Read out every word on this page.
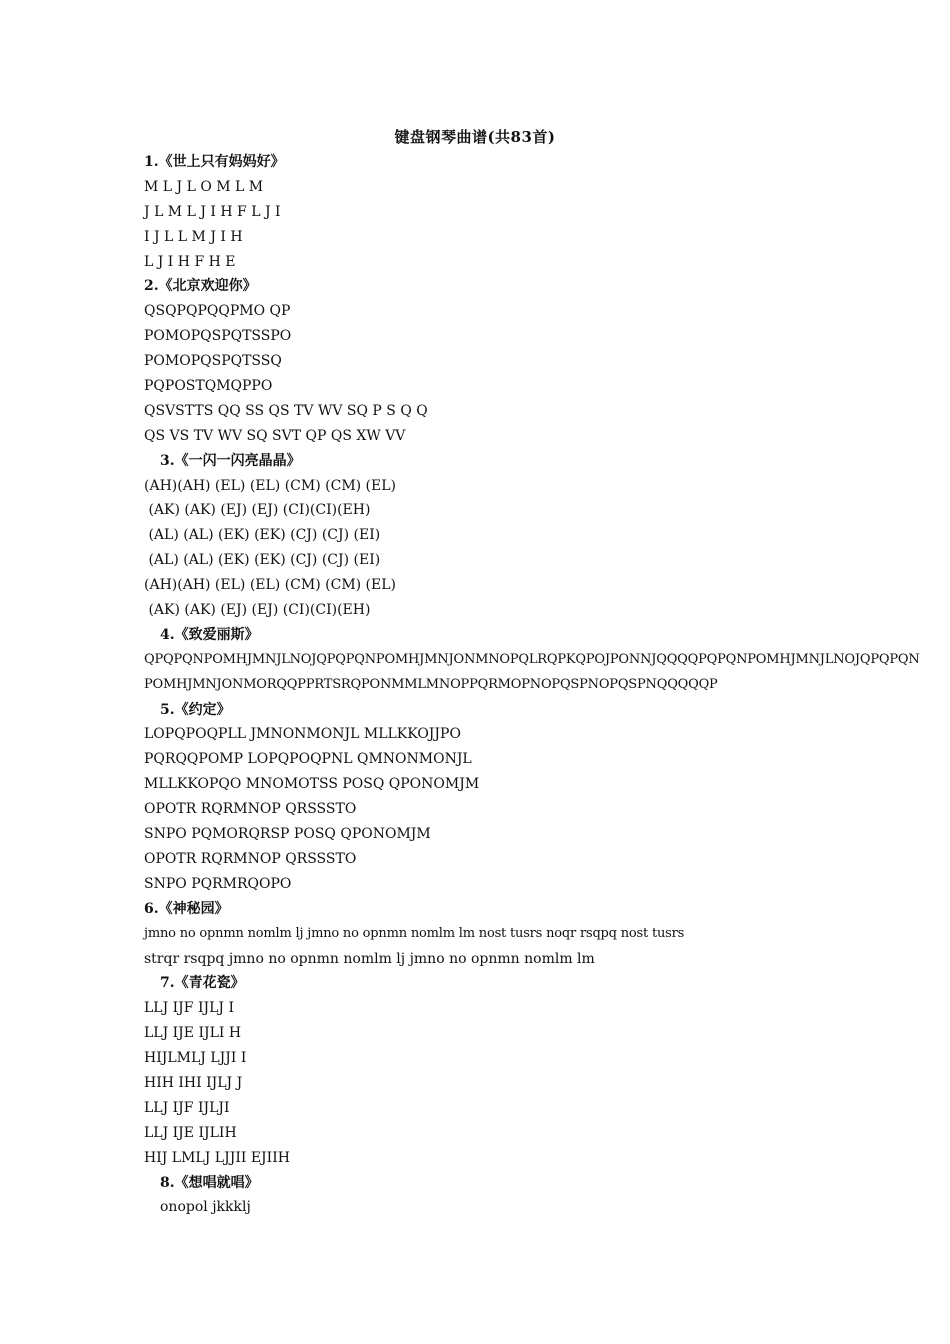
键盘钢琴曲谱(共83首)
1.《世上只有妈妈好》
M L J L O M L M
J L M L J I H F L J I
I J L L M J I H
L J I H F H E
2.《北京欢迎你》
QSQPQPQQPMO QP
POMOPQSPQTSSPO
POMOPQSPQTSSQ
PQPOSTQMQPPO
QSVSTTS QQ SS QS TV WV SQ P S Q Q
QS VS TV WV SQ SVT QP QS XW VV
3.《一闪一闪亮晶晶》
(AH)(AH) (EL) (EL) (CM) (CM) (EL)
(AK) (AK) (EJ) (EJ) (CI)(CI)(EH)
(AL) (AL) (EK) (EK) (CJ) (CJ) (EI)
(AL) (AL) (EK) (EK) (CJ) (CJ) (EI)
(AH)(AH) (EL) (EL) (CM) (CM) (EL)
(AK) (AK) (EJ) (EJ) (CI)(CI)(EH)
4.《致爱丽斯》
QPQPQNPOMHJMNJLNOJQPQPQNPOMHJMNJONMNOPQLRQPKQPOJPONNJQQQQPQPQNPOMHJMNJLNOJQPQPQN
POMHJMNJONMORQQPPRTSRQPONMMLMNOPPQRMOPNOPQSPNOPQSPNQQQQQP
5.《约定》
LOPQPOQPLL JMNONMONJL MLLKKOJJPO
PQRQQPOMP LOPQPOQPNL QMNONMONJL
MLLKKOPQO MNOMOTSS POSQ QPONOMJM
OPOTR RQRMNOP QRSSSTO
SNPO PQMORQRSP POSQ QPONOMJM
OPOTR RQRMNOP QRSSSTO
SNPO PQRMRQOPO
6.《神秘园》
jmno no opnmn nomlm lj jmno no opnmn nomlm lm nost tusrs noqr rsqpq nost tusrs
strqr rsqpq jmno no opnmn nomlm lj jmno no opnmn nomlm lm
7.《青花瓷》
LLJ IJF IJLJ I
LLJ IJE IJLI H
HIJLMLJ LJJI I
HIH IHI IJLJ J
LLJ IJF IJLJI
LLJ IJE IJLIH
HIJ LMLJ LJJII EJIIH
8.《想唱就唱》
onopol jkkklj
